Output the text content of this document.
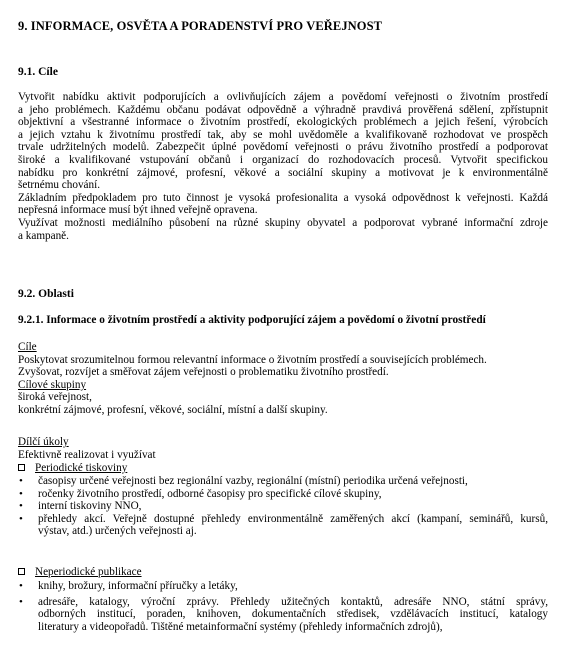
9. INFORMACE, OSVĚTA A PORADENSTVÍ PRO VEŘEJNOST
9.1. Cíle
Vytvořit nabídku aktivit podporujících a ovlivňujících zájem a povědomí veřejnosti o životním prostředí
a jeho problémech. Každému občanu podávat odpovědně a výhradně pravdivá prověřená sdělení, zpřístupnit
objektivní a všestranné informace o životním prostředí, ekologických problémech a jejich řešení, výrobcích
a jejich vztahu k životnímu prostředí tak, aby se mohl uvědoměle a kvalifikovaně rozhodovat ve prospěch
trvale udržitelných modelů. Zabezpečit úplné povědomí veřejnosti o právu životního prostředí a podporovat
široké a kvalifikované vstupování občanů i organizací do rozhodovacích procesů. Vytvořit specifickou
nabídku pro konkrétní zájmové, profesní, věkové a sociální skupiny a motivovat je k environmentálně
šetrnému chování.
Základním předpokladem pro tuto činnost je vysoká profesionalita a vysoká odpovědnost k veřejnosti. Každá
nepřesná informace musí být ihned veřejně opravena.
Využívat možnosti mediálního působení na různé skupiny obyvatel a podporovat vybrané informační zdroje
a kampaně.
9.2. Oblasti
9.2.1. Informace o životním prostředí a aktivity podporující zájem a povědomí o životní prostředí
Cíle
Poskytovat srozumitelnou formou relevantní informace o životním prostředí a souvisejících problémech.
Zvyšovat, rozvíjet a směřovat zájem veřejnosti o problematiku životního prostředí.
Cílové skupiny
široká veřejnost,
konkrétní zájmové, profesní, věkové, sociální, místní a další skupiny.
Dílčí úkoly
Efektivně realizovat i využívat
Periodické tiskoviny
• časopisy určené veřejnosti bez regionální vazby, regionální (místní) periodika určená veřejnosti,
• ročenky životního prostředí, odborné časopisy pro specifické cílové skupiny,
• interní tiskoviny NNO,
• přehledy akcí. Veřejně dostupné přehledy environmentálně zaměřených akcí (kampaní, seminářů, kursů,
výstav, atd.) určených veřejnosti aj.
Neperiodické publikace
• knihy, brožury, informační příručky a letáky,
• adresáře, katalogy, výroční zprávy. Přehledy užitečných kontaktů, adresáře NNO, státní správy,
odborných institucí, poraden, knihoven, dokumentačních středisek, vzdělávacích institucí, katalogy
literatury a videopořadů. Tištěné metainformační systémy (přehledy informačních zdrojů),
